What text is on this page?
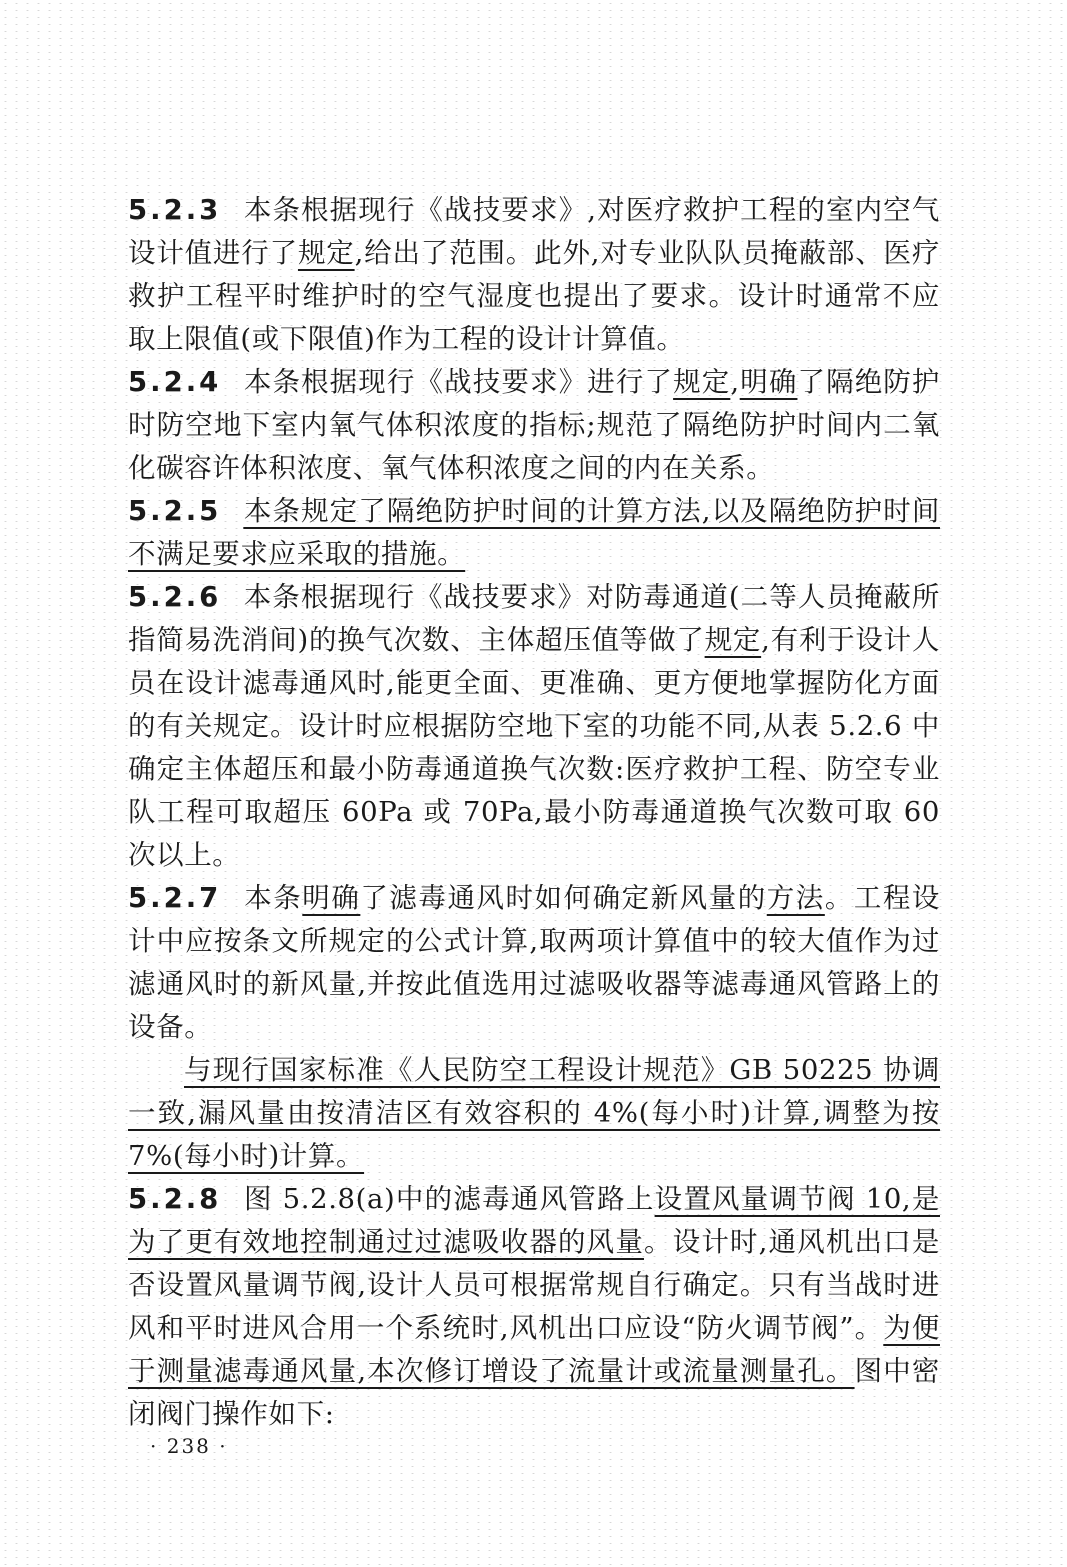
5.2.3 本条根据现行《战技要求》,对医疗救护工程的室内空气设计值进行了规定,给出了范围。此外,对专业队队员掩蔽部、医疗救护工程平时维护时的空气湿度也提出了要求。设计时通常不应取上限值(或下限值)作为工程的设计计算值。

5.2.4 本条根据现行《战技要求》进行了规定,明确了隔绝防护时防空地下室内氧气体积浓度的指标;规范了隔绝防护时间内二氧化碳容许体积浓度、氧气体积浓度之间的内在关系。

5.2.5 本条规定了隔绝防护时间的计算方法,以及隔绝防护时间不满足要求应采取的措施。

5.2.6 本条根据现行《战技要求》对防毒通道(二等人员掩蔽所指简易洗消间)的换气次数、主体超压值等做了规定,有利于设计人员在设计滤毒通风时,能更全面、更准确、更方便地掌握防化方面的有关规定。设计时应根据防空地下室的功能不同,从表 5.2.6 中确定主体超压和最小防毒通道换气次数:医疗救护工程、防空专业队工程可取超压 60Pa 或 70Pa,最小防毒通道换气次数可取 60 次以上。

5.2.7 本条明确了滤毒通风时如何确定新风量的方法。工程设计中应按条文所规定的公式计算,取两项计算值中的较大值作为过滤通风时的新风量,并按此值选用过滤吸收器等滤毒通风管路上的设备。

与现行国家标准《人民防空工程设计规范》GB 50225 协调一致,漏风量由按清洁区有效容积的 4%(每小时)计算,调整为按 7%(每小时)计算。

5.2.8 图 5.2.8(a)中的滤毒通风管路上设置风量调节阀 10,是为了更有效地控制通过过滤吸收器的风量。设计时,通风机出口是否设置风量调节阀,设计人员可根据常规自行确定。只有当战时进风和平时进风合用一个系统时,风机出口应设“防火调节阀”。为便于测量滤毒通风量,本次修订增设了流量计或流量测量孔。图中密闭阀门操作如下:

· 238 ·
